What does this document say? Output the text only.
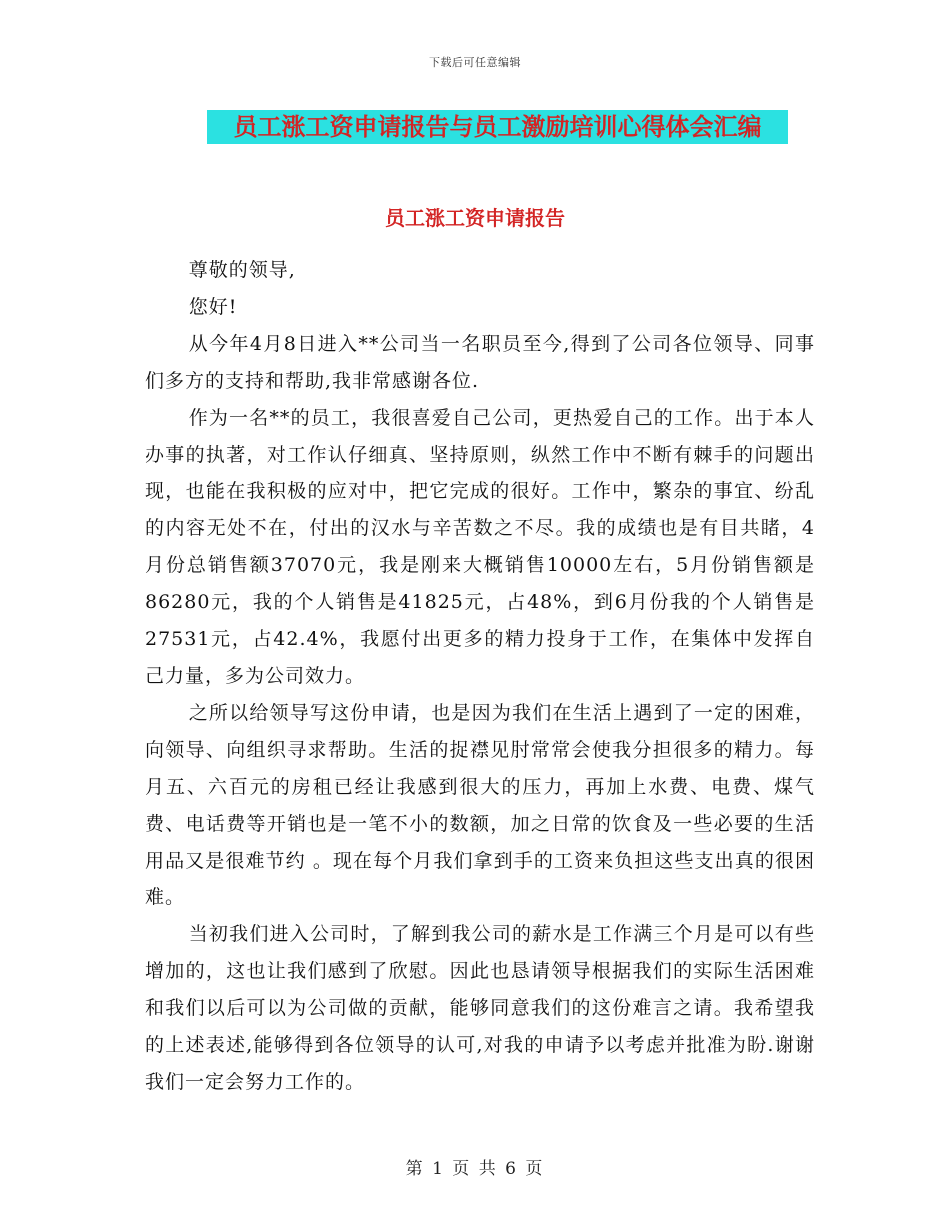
下载后可任意编辑
员工涨工资申请报告与员工激励培训心得体会汇编
员工涨工资申请报告

尊敬的领导,

您好!

从今年4月8日进入**公司当一名职员至今,得到了公司各位领导、同事们多方的支持和帮助,我非常感谢各位.

作为一名**的员工，我很喜爱自己公司，更热爱自己的工作。出于本人办事的执著，对工作认仔细真、坚持原则，纵然工作中不断有棘手的问题出现，也能在我积极的应对中，把它完成的很好。工作中，繁杂的事宜、纷乱的内容无处不在，付出的汉水与辛苦数之不尽。我的成绩也是有目共睹，4月份总销售额37070元，我是刚来大概销售10000左右，5月份销售额是86280元，我的个人销售是41825元，占48%，到6月份我的个人销售是27531元，占42.4%，我愿付出更多的精力投身于工作，在集体中发挥自己力量，多为公司效力。

之所以给领导写这份申请，也是因为我们在生活上遇到了一定的困难，向领导、向组织寻求帮助。生活的捉襟见肘常常会使我分担很多的精力。每月五、六百元的房租已经让我感到很大的压力，再加上水费、电费、煤气费、电话费等开销也是一笔不小的数额，加之日常的饮食及一些必要的生活用品又是很难节约 。现在每个月我们拿到手的工资来负担这些支出真的很困难。

当初我们进入公司时，了解到我公司的薪水是工作满三个月是可以有些增加的，这也让我们感到了欣慰。因此也恳请领导根据我们的实际生活困难和我们以后可以为公司做的贡献，能够同意我们的这份难言之请。我希望我的上述表述,能够得到各位领导的认可,对我的申请予以考虑并批准为盼.谢谢我们一定会努力工作的。

第 1 页 共 6 页
